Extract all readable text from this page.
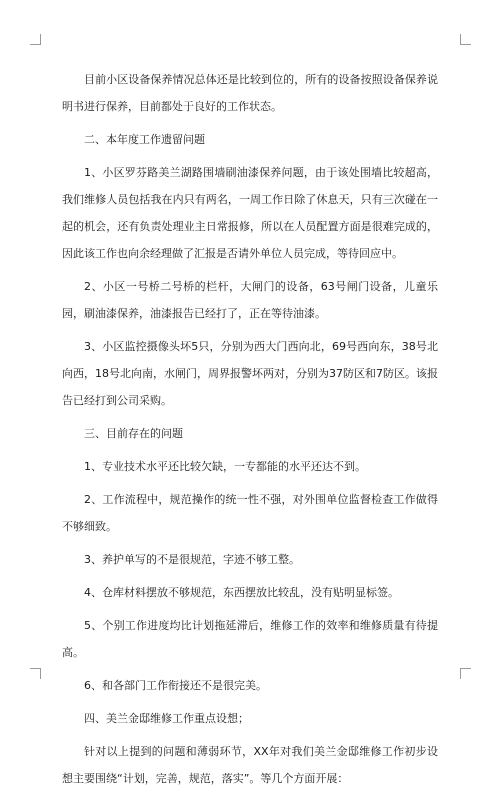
目前小区设备保养情况总体还是比较到位的，所有的设备按照设备保养说明书进行保养，目前都处于良好的工作状态。

二、本年度工作遗留问题

1、小区罗芬路美兰湖路围墙刷油漆保养问题，由于该处围墙比较超高，我们维修人员包括我在内只有两名，一周工作日除了休息天，只有三次碰在一起的机会，还有负责处理业主日常报修，所以在人员配置方面是很难完成的，因此该工作也向余经理做了汇报是否请外单位人员完成，等待回应中。

2、小区一号桥二号桥的栏杆，大闸门的设备，63号闸门设备，儿童乐园，刷油漆保养，油漆报告已经打了，正在等待油漆。

3、小区监控摄像头坏5只，分别为西大门西向北，69号西向东，38号北向西，18号北向南，水闸门，周界报警坏两对，分别为37防区和7防区。该报告已经打到公司采购。

三、目前存在的问题

1、专业技术水平还比较欠缺，一专都能的水平还达不到。

2、工作流程中，规范操作的统一性不强，对外围单位监督检查工作做得不够细致。

3、养护单写的不是很规范，字迹不够工整。

4、仓库材料摆放不够规范，东西摆放比较乱，没有贴明显标签。

5、个别工作进度均比计划拖延滞后，维修工作的效率和维修质量有待提高。

6、和各部门工作衔接还不是很完美。

四、美兰金邸维修工作重点设想；

针对以上提到的问题和薄弱环节，XX年对我们美兰金邸维修工作初步设想主要围绕“计划，完善，规范，落实”。等几个方面开展：
